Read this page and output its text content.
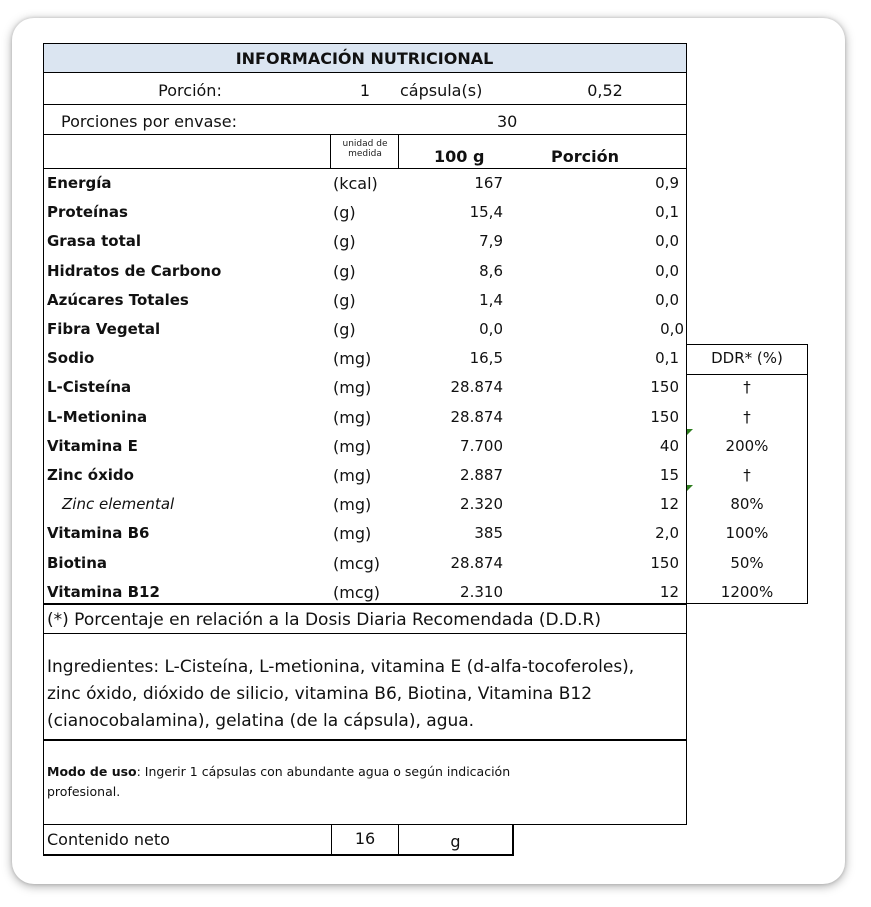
INFORMACIÓN NUTRICIONAL
Porción:	1	cápsula(s)	0,52
Porciones por envase:	30
unidad de
medida	100 g	Porción
Energía	(kcal)	167	0,9
Proteínas	(g)	15,4	0,1
Grasa total	(g)	7,9	0,0
Hidratos de Carbono	(g)	8,6	0,0
Azúcares Totales	(g)	1,4	0,0
Fibra Vegetal	(g)	0,0	0,0
Sodio	(mg)	16,5	0,1	DDR* (%)
L-Cisteína	(mg)	28.874	150	†
L-Metionina	(mg)	28.874	150	†
Vitamina E	(mg)	7.700	40	200%
Zinc óxido	(mg)	2.887	15	†
Zinc elemental	(mg)	2.320	12	80%
Vitamina B6	(mg)	385	2,0	100%
Biotina	(mcg)	28.874	150	50%
Vitamina B12	(mcg)	2.310	12	1200%
(*) Porcentaje en relación a la Dosis Diaria Recomendada (D.D.R)
Ingredientes: L-Cisteína, L-metionina, vitamina E (d-alfa-tocoferoles),
zinc óxido, dióxido de silicio, vitamina B6, Biotina, Vitamina B12
(cianocobalamina), gelatina (de la cápsula), agua.
Modo de uso: Ingerir 1 cápsulas con abundante agua o según indicación
profesional.
Contenido neto	16	g
